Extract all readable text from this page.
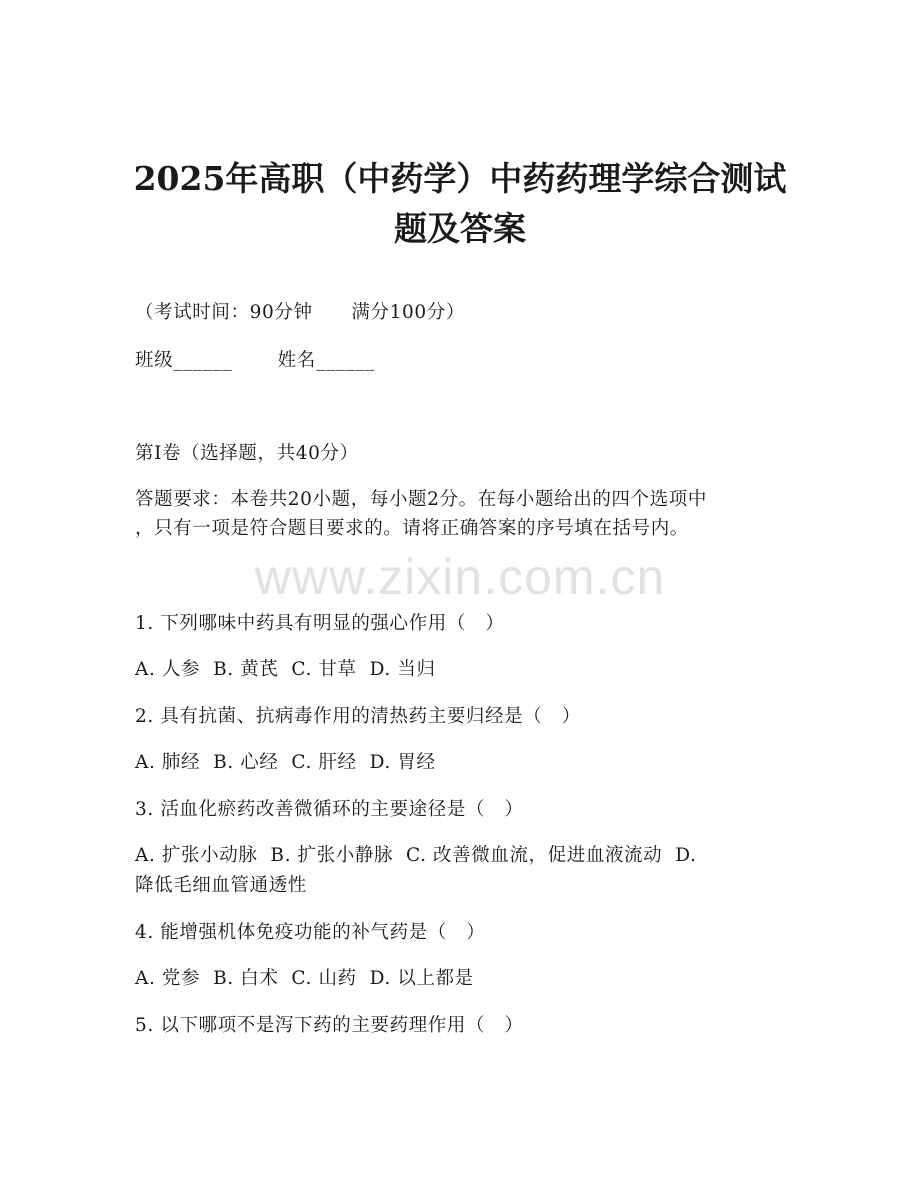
2025年高职（中药学）中药药理学综合测试
题及答案
（考试时间：90分钟      满分100分）
班级______       姓名______
第I卷（选择题，共40分）
答题要求：本卷共20小题，每小题2分。在每小题给出的四个选项中
，只有一项是符合题目要求的。请将正确答案的序号填在括号内。
www.zixin.com.cn
1. 下列哪味中药具有明显的强心作用（   ）
A. 人参  B. 黄芪  C. 甘草  D. 当归
2. 具有抗菌、抗病毒作用的清热药主要归经是（   ）
A. 肺经  B. 心经  C. 肝经  D. 胃经
3. 活血化瘀药改善微循环的主要途径是（   ）
A. 扩张小动脉  B. 扩张小静脉  C. 改善微血流，促进血液流动  D.
降低毛细血管通透性
4. 能增强机体免疫功能的补气药是（   ）
A. 党参  B. 白术  C. 山药  D. 以上都是
5. 以下哪项不是泻下药的主要药理作用（   ）
